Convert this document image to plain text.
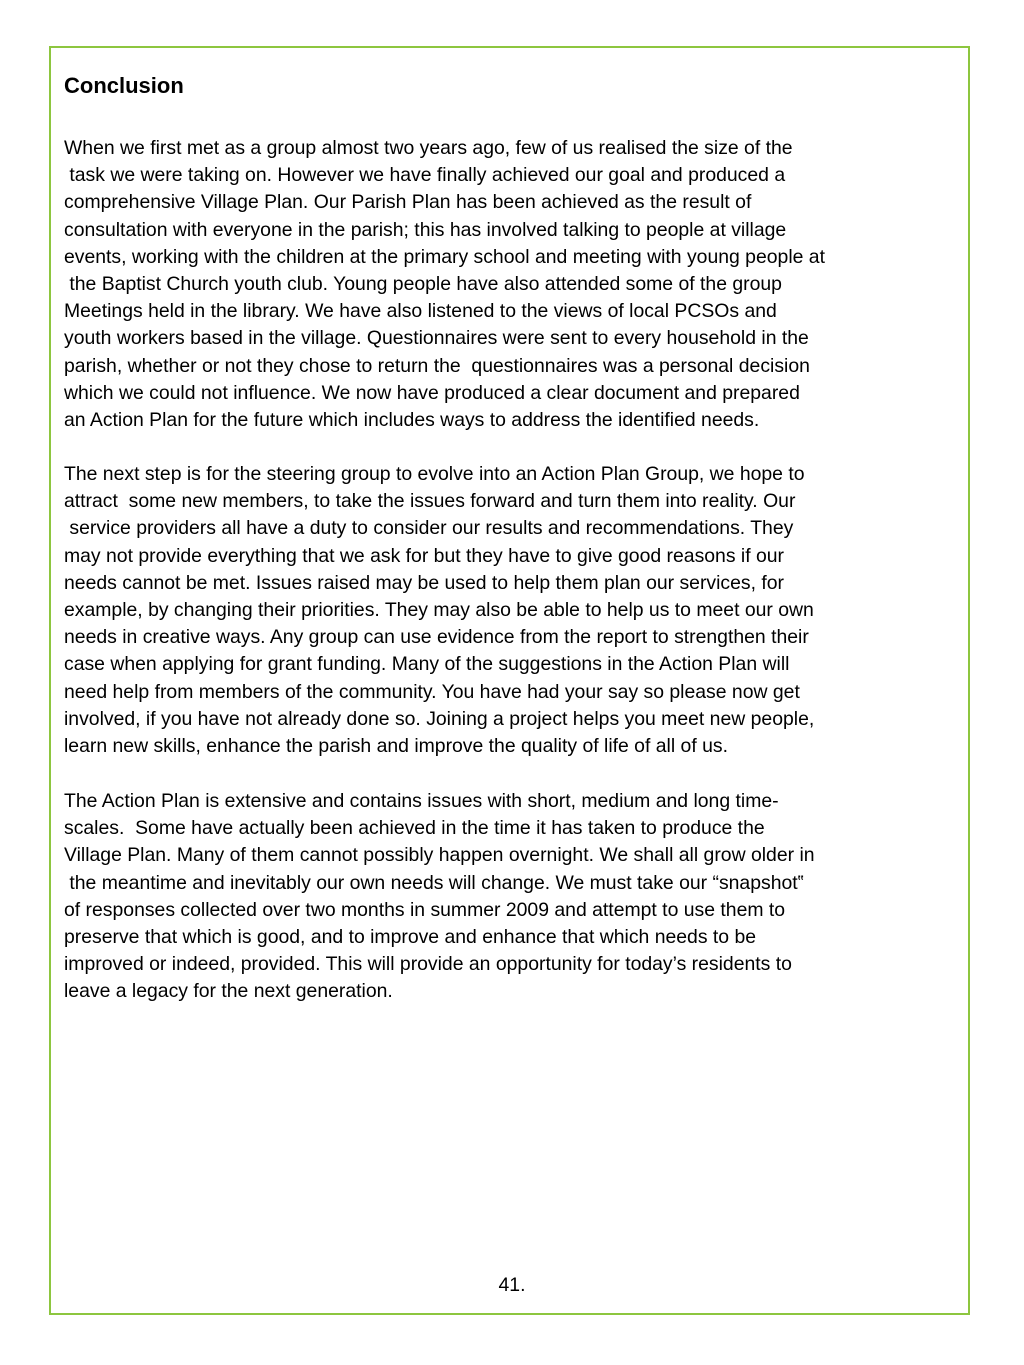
Conclusion
When we first met as a group almost two years ago, few of us realised the size of the
task we were taking on. However we have finally achieved our goal and produced a
comprehensive Village Plan. Our Parish Plan has been achieved as the result of
consultation with everyone in the parish; this has involved talking to people at village
events, working with the children at the primary school and meeting with young people at
the Baptist Church youth club. Young people have also attended some of the group
Meetings held in the library. We have also listened to the views of local PCSOs and
youth workers based in the village. Questionnaires were sent to every household in the
parish, whether or not they chose to return the  questionnaires was a personal decision
which we could not influence. We now have produced a clear document and prepared
an Action Plan for the future which includes ways to address the identified needs.
The next step is for the steering group to evolve into an Action Plan Group, we hope to
attract  some new members, to take the issues forward and turn them into reality. Our
service providers all have a duty to consider our results and recommendations. They
may not provide everything that we ask for but they have to give good reasons if our
needs cannot be met. Issues raised may be used to help them plan our services, for
example, by changing their priorities. They may also be able to help us to meet our own
needs in creative ways. Any group can use evidence from the report to strengthen their
case when applying for grant funding. Many of the suggestions in the Action Plan will
need help from members of the community. You have had your say so please now get
involved, if you have not already done so. Joining a project helps you meet new people,
learn new skills, enhance the parish and improve the quality of life of all of us.
The Action Plan is extensive and contains issues with short, medium and long time-
scales.  Some have actually been achieved in the time it has taken to produce the
Village Plan. Many of them cannot possibly happen overnight. We shall all grow older in
the meantime and inevitably our own needs will change. We must take our “snapshot‟
of responses collected over two months in summer 2009 and attempt to use them to
preserve that which is good, and to improve and enhance that which needs to be
improved or indeed, provided. This will provide an opportunity for today’s residents to
leave a legacy for the next generation.

41.
